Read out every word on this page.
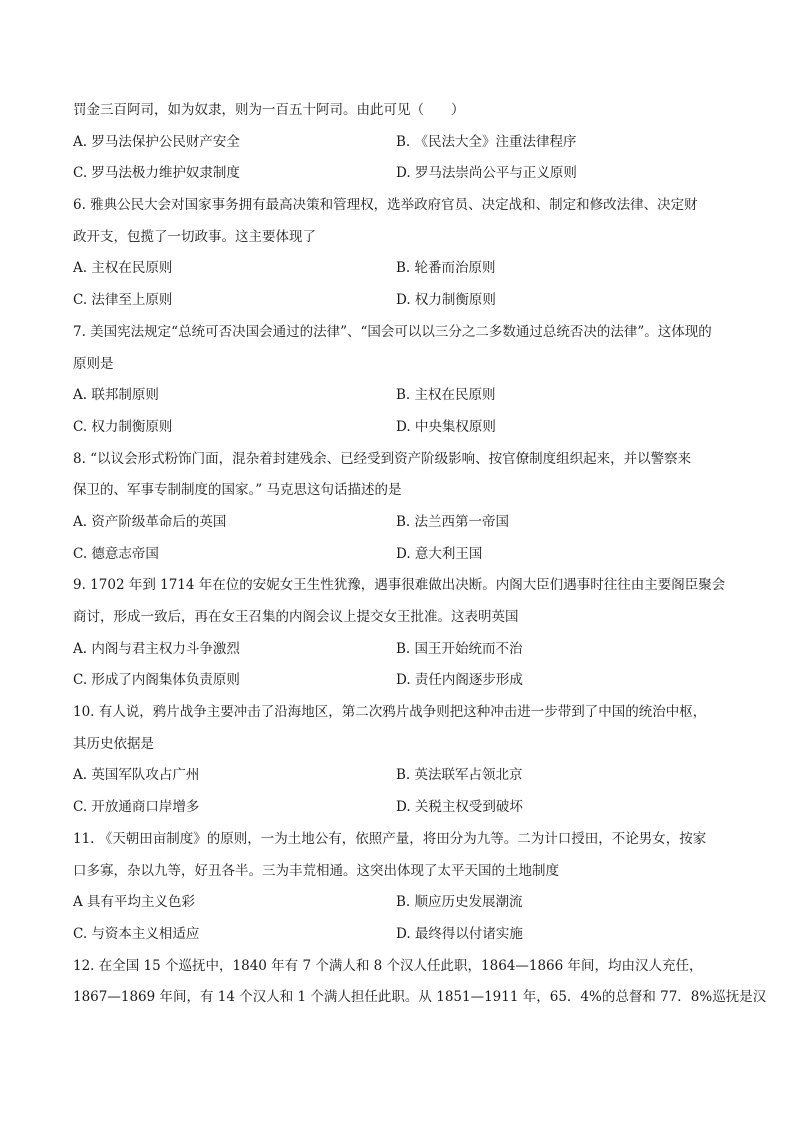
罚金三百阿司，如为奴隶，则为一百五十阿司。由此可见（　　）
A. 罗马法保护公民财产安全	B. 《民法大全》注重法律程序
C. 罗马法极力维护奴隶制度	D. 罗马法崇尚公平与正义原则
6. 雅典公民大会对国家事务拥有最高决策和管理权，选举政府官员、决定战和、制定和修改法律、决定财
政开支，包揽了一切政事。这主要体现了
A. 主权在民原则	B. 轮番而治原则
C. 法律至上原则	D. 权力制衡原则
7. 美国宪法规定“总统可否决国会通过的法律”、“国会可以以三分之二多数通过总统否决的法律”。这体现的
原则是
A. 联邦制原则	B. 主权在民原则
C. 权力制衡原则	D. 中央集权原则
8. “以议会形式粉饰门面，混杂着封建残余、已经受到资产阶级影响、按官僚制度组织起来，并以警察来
保卫的、军事专制制度的国家。” 马克思这句话描述的是
A. 资产阶级革命后的英国	B. 法兰西第一帝国
C. 德意志帝国	D. 意大利王国
9. 1702 年到 1714 年在位的安妮女王生性犹豫，遇事很难做出决断。内阁大臣们遇事时往往由主要阁臣聚会
商讨，形成一致后，再在女王召集的内阁会议上提交女王批准。这表明英国
A. 内阁与君主权力斗争激烈	B. 国王开始统而不治
C. 形成了内阁集体负责原则	D. 责任内阁逐步形成
10. 有人说，鸦片战争主要冲击了沿海地区，第二次鸦片战争则把这种冲击进一步带到了中国的统治中枢，
其历史依据是
A. 英国军队攻占广州	B. 英法联军占领北京
C. 开放通商口岸增多	D. 关税主权受到破坏
11. 《天朝田亩制度》的原则，一为土地公有，依照产量，将田分为九等。二为计口授田，不论男女，按家
口多寡，杂以九等，好丑各半。三为丰荒相通。这突出体现了太平天国的土地制度
A 具有平均主义色彩	B. 顺应历史发展潮流
C. 与资本主义相适应	D. 最终得以付诸实施
12. 在全国 15 个巡抚中，1840 年有 7 个满人和 8 个汉人任此职，1864—1866 年间，均由汉人充任，
1867—1869 年间，有 14 个汉人和 1 个满人担任此职。从 1851—1911 年，65．4%的总督和 77．8%巡抚是汉
